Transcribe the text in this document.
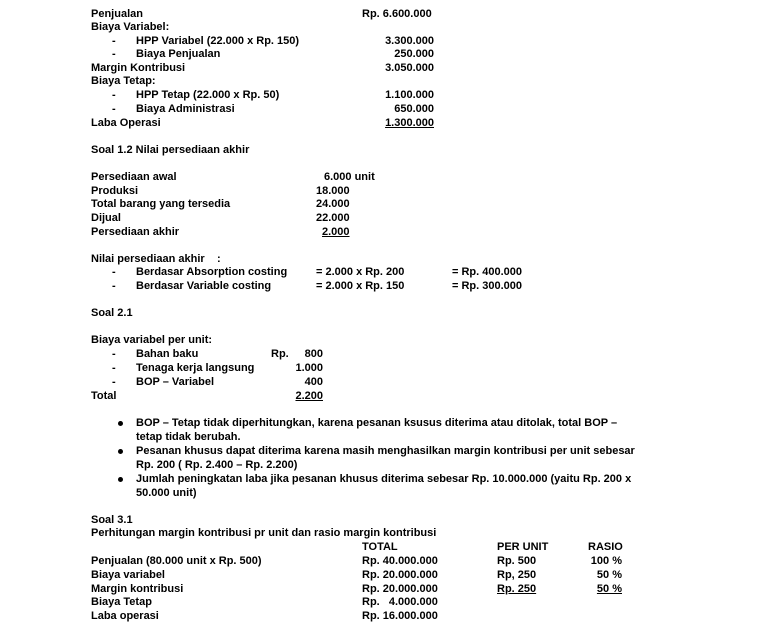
Penjualan	Rp. 6.600.000
Biaya Variabel:
- HPP Variabel (22.000 x Rp. 150)	3.300.000
- Biaya Penjualan	250.000
Margin Kontribusi	3.050.000
Biaya Tetap:
- HPP Tetap (22.000 x Rp. 50)	1.100.000
- Biaya Administrasi	650.000
Laba Operasi	1.300.000
Soal 1.2 Nilai persediaan akhir
Persediaan awal	6.000 unit
Produksi	18.000
Total barang yang tersedia	24.000
Dijual	22.000
Persediaan akhir	2.000
Nilai persediaan akhir    :
- Berdasar Absorption costing	= 2.000 x Rp. 200	= Rp. 400.000
- Berdasar Variable costing	= 2.000 x Rp. 150	= Rp. 300.000
Soal 2.1
Biaya variabel per unit:
- Bahan baku	Rp.	800
- Tenaga kerja langsung	1.000
- BOP – Variabel	400
Total	2.200
BOP – Tetap tidak diperhitungkan, karena pesanan ksusus diterima atau ditolak, total BOP –
tetap tidak berubah.
Pesanan khusus dapat diterima karena masih menghasilkan margin kontribusi per unit sebesar
Rp. 200 ( Rp. 2.400 – Rp. 2.200)
Jumlah peningkatan laba jika pesanan khusus diterima sebesar Rp. 10.000.000 (yaitu Rp. 200 x
50.000 unit)
Soal 3.1
Perhitungan margin kontribusi pr unit dan rasio margin kontribusi
TOTAL	PER UNIT	RASIO
Penjualan (80.000 unit x Rp. 500)	Rp. 40.000.000	Rp. 500	100 %
Biaya variabel	Rp. 20.000.000	Rp, 250	50 %
Margin kontribusi	Rp. 20.000.000	Rp. 250	50 %
Biaya Tetap	Rp.   4.000.000
Laba operasi	Rp. 16.000.000
